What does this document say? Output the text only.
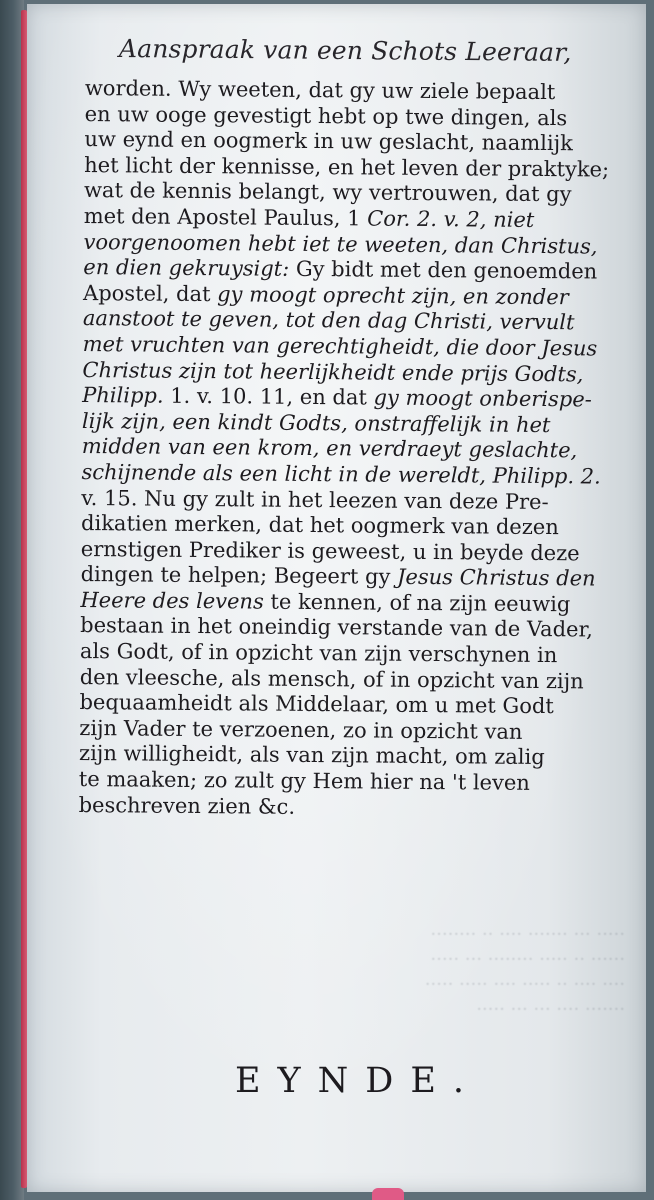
····· ··· ······· ···· ·· ········
······ ·· ····· ········ ··· ·····
···· ···· ·· ····· ···· ····· ·····
······· ···· ··· ··· ·····
Aanspraak van een Schots Leeraar,
worden. Wy weeten, dat gy uw ziele bepaalt
en uw ooge gevestigt hebt op twe dingen, als
uw eynd en oogmerk in uw geslacht, naamlijk
het licht der kennisse, en het leven der praktyke;
wat de kennis belangt, wy vertrouwen, dat gy
met den Apostel Paulus, 1 Cor. 2. v. 2, niet
voorgenoomen hebt iet te weeten, dan Christus,
en dien gekruysigt: Gy bidt met den genoemden
Apostel, dat gy moogt oprecht zijn, en zonder
aanstoot te geven, tot den dag Christi, vervult
met vruchten van gerechtigheidt, die door Jesus
Christus zijn tot heerlijkheidt ende prijs Godts,
Philipp. 1. v. 10. 11, en dat gy moogt onberispe-
lijk zijn, een kindt Godts, onstraffelijk in het
midden van een krom, en verdraeyt geslachte,
schijnende als een licht in de wereldt, Philipp. 2.
v. 15. Nu gy zult in het leezen van deze Pre-
dikatien merken, dat het oogmerk van dezen
ernstigen Prediker is geweest, u in beyde deze
dingen te helpen; Begeert gy Jesus Christus den
Heere des levens te kennen, of na zijn eeuwig
bestaan in het oneindig verstande van de Vader,
als Godt, of in opzicht van zijn verschynen in
den vleesche, als mensch, of in opzicht van zijn
bequaamheidt als Middelaar, om u met Godt
zijn Vader te verzoenen, zo in opzicht van
zijn willigheidt, als van zijn macht, om zalig
te maaken; zo zult gy Hem hier na 't leven
beschreven zien &c.
EYNDE.
